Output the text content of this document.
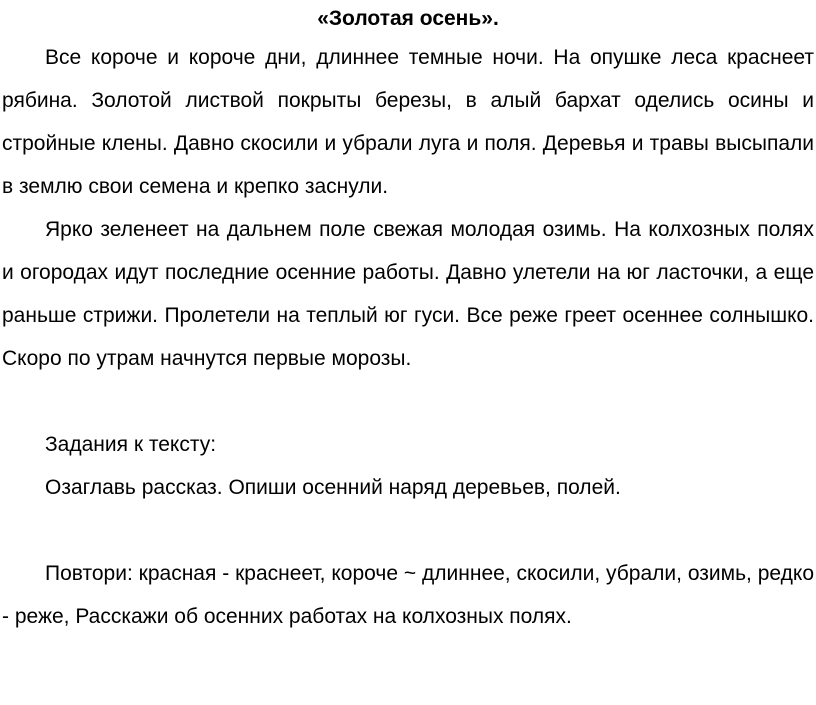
«Золотая осень».

Все короче и короче дни, длиннее темные ночи. На опушке леса краснеет рябина. Золотой листвой покрыты березы, в алый бархат оделись осины и стройные клены. Давно скосили и убрали луга и поля. Деревья и травы высыпали в землю свои семена и крепко заснули.

Ярко зеленеет на дальнем поле свежая молодая озимь. На колхозных полях и огородах идут последние осенние работы. Давно улетели на юг ласточки, а еще раньше стрижи. Пролетели на теплый юг гуси. Все реже греет осеннее солнышко. Скоро по утрам начнутся первые морозы.

Задания к тексту:

Озаглавь рассказ. Опиши осенний наряд деревьев, полей.

Повтори: красная - краснеет, короче ~ длиннее, скосили, убрали, озимь, редко - реже, Расскажи об осенних работах на колхозных полях.
